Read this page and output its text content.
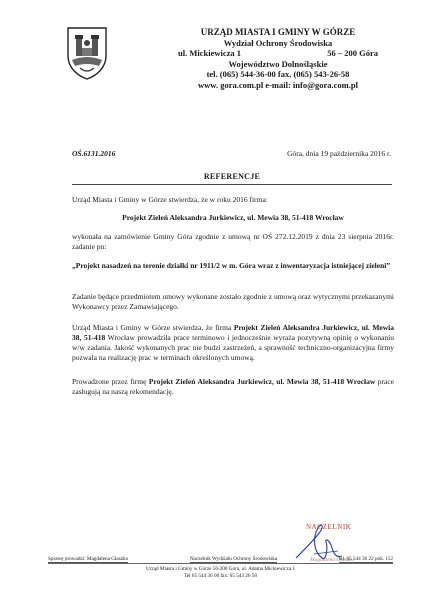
URZĄD MIASTA I GMINY W GÓRZE
Wydział Ochrony Środowiska
ul. Mickiewicza 1	56 – 200 Góra
Województwo Dolnośląskie
tel. (065) 544-36-00 fax. (065) 543-26-58
www. gora.com.pl e-mail: info@gora.com.pl
OŚ.6131.2016	Góra, dnia 19 października 2016 r.
REFERENCJE

Urząd Miasta i Gminy w Górze stwierdza, że w roku 2016 firma:

Projekt Zieleń Aleksandra Jurkiewicz, ul. Mewia 38, 51-418 Wrocław

wykonała na zamówienie Gminy Góra zgodnie z umową nr OŚ 272.12.2019 z dnia 23 sierpnia 2016r. zadanie pn:

„Projekt nasadzeń na terenie działki nr 1911/2 w m. Góra wraz z inwentaryzacja istniejącej zieleni”

Zadanie będące przedmiotem umowy wykonane zostało zgodnie z umową oraz wytycznymi przekazanymi Wykonawcy przez Zamawiającego.

Urząd Miasta i Gminy w Górze stwierdza, że firma Projekt Zieleń Aleksandra Jurkiewicz, ul. Mewia 38, 51-418 Wrocław prowadziła prace terminowo i jednocześnie wyraża pozytywną opinię o wykonaniu w/w zadania. Jakość wykonanych prac nie budzi zastrzeżeń, a sprawność techniczno-organizacyjna firmy pozwala na realizację prac w terminach określonych umową.

Prowadzone przez firmę Projekt Zieleń Aleksandra Jurkiewicz, ul. Mewia 38, 51-418 Wrocław prace zasługują na naszą rekomendację.

NACZELNIK
Magdalena Głaszko
Sprawę prowadzi: Magdalena Głaszko	Naczelnik Wydziału Ochrony Środowiska	tel. 65 544 36 22 pok. 112
Urząd Miasta i Gminy w Górze 56-200 Góra, ul. Adama Mickiewicza 1
Tel 65 544 36 00 fax. 65 543 26 58
